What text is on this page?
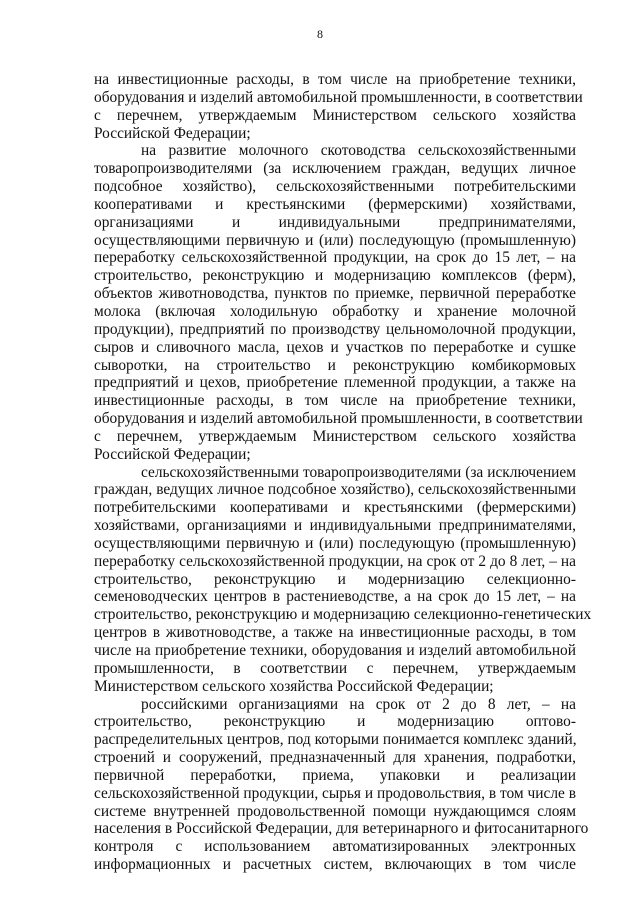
8
на инвестиционные расходы, в том числе на приобретение техники,
оборудования и изделий автомобильной промышленности, в соответствии
с перечнем, утверждаемым Министерством сельского хозяйства
Российской Федерации;
на развитие молочного скотоводства сельскохозяйственными
товаропроизводителями (за исключением граждан, ведущих личное
подсобное хозяйство), сельскохозяйственными потребительскими
кооперативами и крестьянскими (фермерскими) хозяйствами,
организациями и индивидуальными предпринимателями,
осуществляющими первичную и (или) последующую (промышленную)
переработку сельскохозяйственной продукции, на срок до 15 лет, – на
строительство, реконструкцию и модернизацию комплексов (ферм),
объектов животноводства, пунктов по приемке, первичной переработке
молока (включая холодильную обработку и хранение молочной
продукции), предприятий по производству цельномолочной продукции,
сыров и сливочного масла, цехов и участков по переработке и сушке
сыворотки, на строительство и реконструкцию комбикормовых
предприятий и цехов, приобретение племенной продукции, а также на
инвестиционные расходы, в том числе на приобретение техники,
оборудования и изделий автомобильной промышленности, в соответствии
с перечнем, утверждаемым Министерством сельского хозяйства
Российской Федерации;
сельскохозяйственными товаропроизводителями (за исключением
граждан, ведущих личное подсобное хозяйство), сельскохозяйственными
потребительскими кооперативами и крестьянскими (фермерскими)
хозяйствами, организациями и индивидуальными предпринимателями,
осуществляющими первичную и (или) последующую (промышленную)
переработку сельскохозяйственной продукции, на срок от 2 до 8 лет, – на
строительство, реконструкцию и модернизацию селекционно-
семеноводческих центров в растениеводстве, а на срок до 15 лет, – на
строительство, реконструкцию и модернизацию селекционно-генетических
центров в животноводстве, а также на инвестиционные расходы, в том
числе на приобретение техники, оборудования и изделий автомобильной
промышленности, в соответствии с перечнем, утверждаемым
Министерством сельского хозяйства Российской Федерации;
российскими организациями на срок от 2 до 8 лет, – на
строительство, реконструкцию и модернизацию оптово-
распределительных центров, под которыми понимается комплекс зданий,
строений и сооружений, предназначенный для хранения, подработки,
первичной переработки, приема, упаковки и реализации
сельскохозяйственной продукции, сырья и продовольствия, в том числе в
системе внутренней продовольственной помощи нуждающимся слоям
населения в Российской Федерации, для ветеринарного и фитосанитарного
контроля с использованием автоматизированных электронных
информационных и расчетных систем, включающих в том числе
